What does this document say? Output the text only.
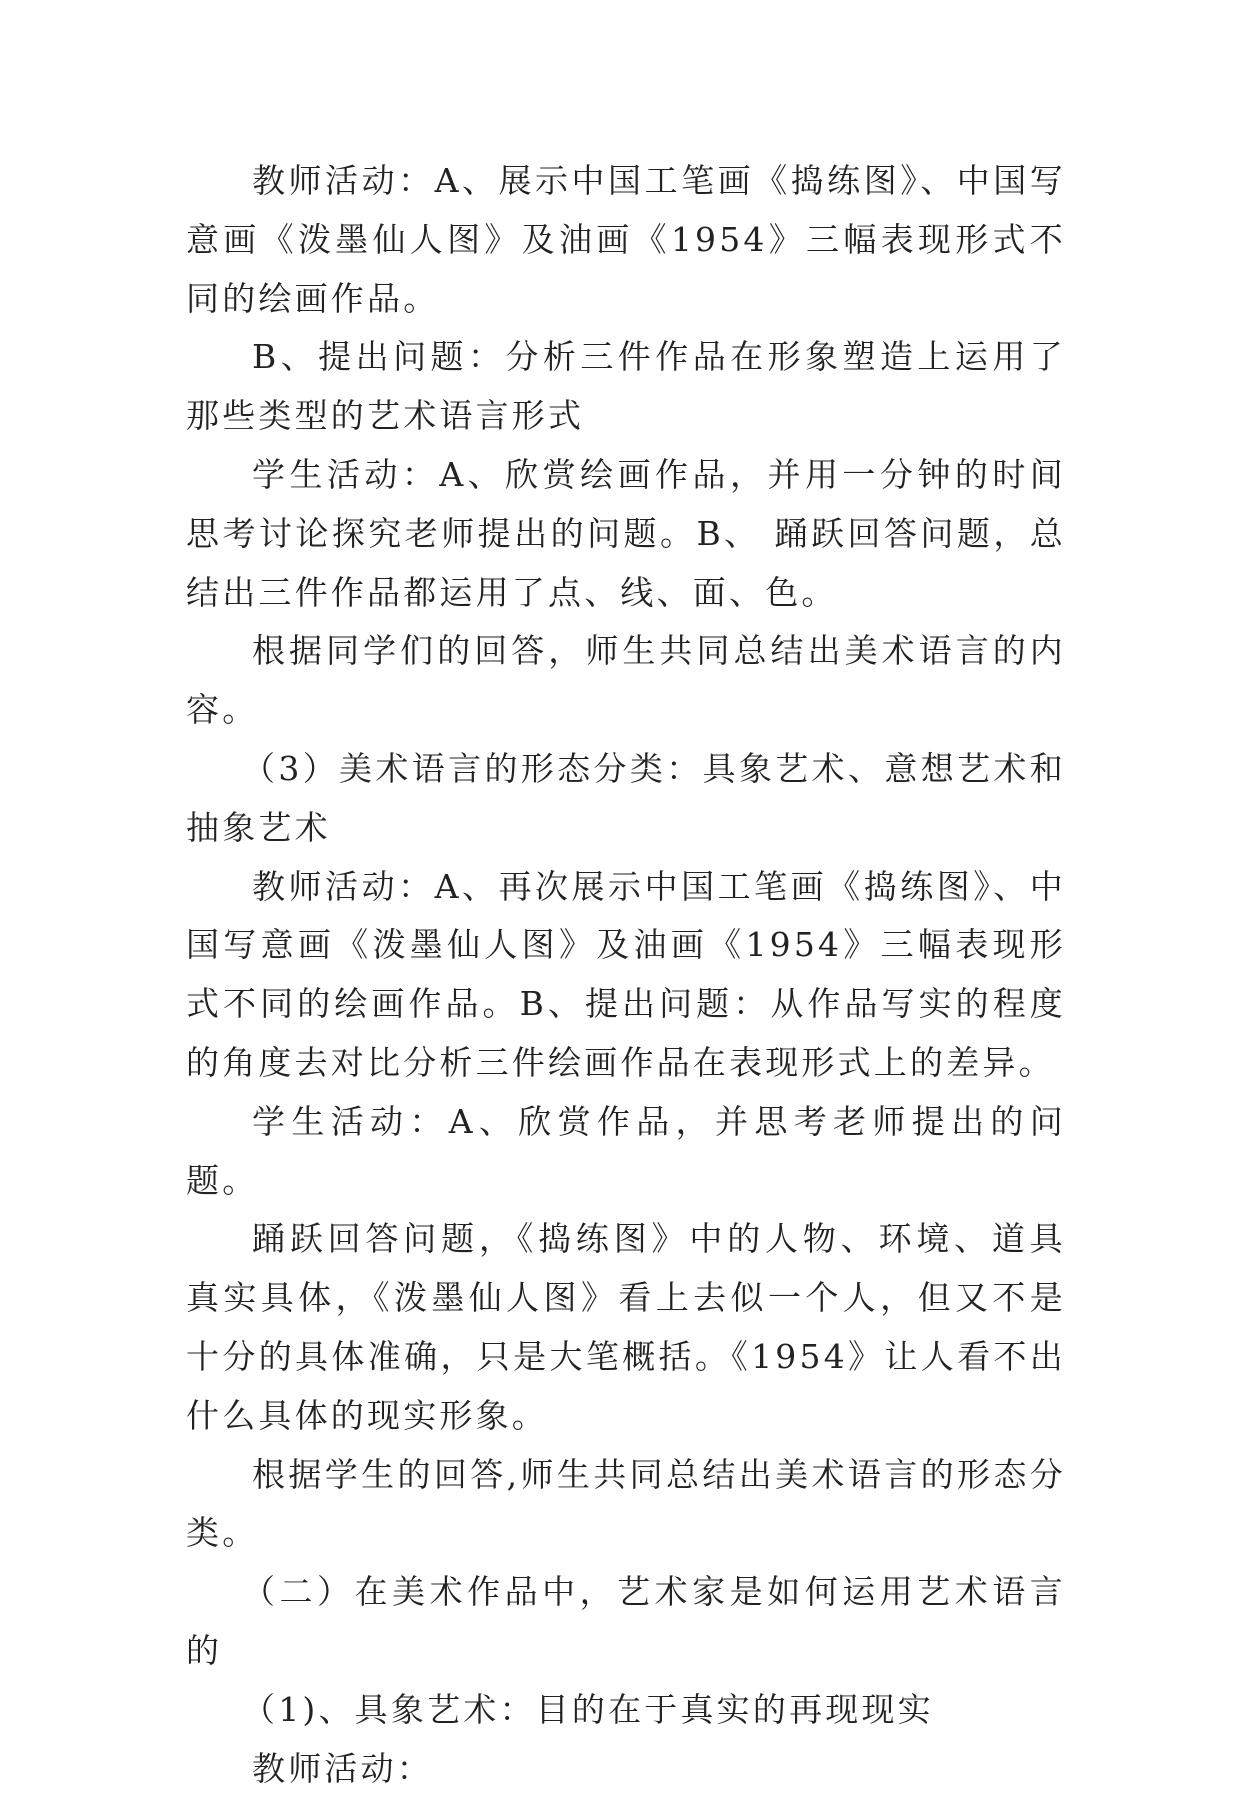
教师活动：A、展示中国工笔画《捣练图》、中国写意画《泼墨仙人图》及油画《1954》三幅表现形式不同的绘画作品。

B、提出问题：分析三件作品在形象塑造上运用了那些类型的艺术语言形式

学生活动：A、欣赏绘画作品，并用一分钟的时间思考讨论探究老师提出的问题。B、 踊跃回答问题，总结出三件作品都运用了点、线、面、色。

根据同学们的回答，师生共同总结出美术语言的内容。

（3）美术语言的形态分类：具象艺术、意想艺术和抽象艺术

教师活动：A、再次展示中国工笔画《捣练图》、中国写意画《泼墨仙人图》及油画《1954》三幅表现形式不同的绘画作品。B、提出问题：从作品写实的程度的角度去对比分析三件绘画作品在表现形式上的差异。

学生活动：A、欣赏作品，并思考老师提出的问题。

踊跃回答问题，《捣练图》中的人物、环境、道具真实具体，《泼墨仙人图》看上去似一个人，但又不是十分的具体准确，只是大笔概括。《1954》让人看不出什么具体的现实形象。

根据学生的回答,师生共同总结出美术语言的形态分类。

（二）在美术作品中，艺术家是如何运用艺术语言的

（1)、具象艺术：目的在于真实的再现现实

教师活动：
